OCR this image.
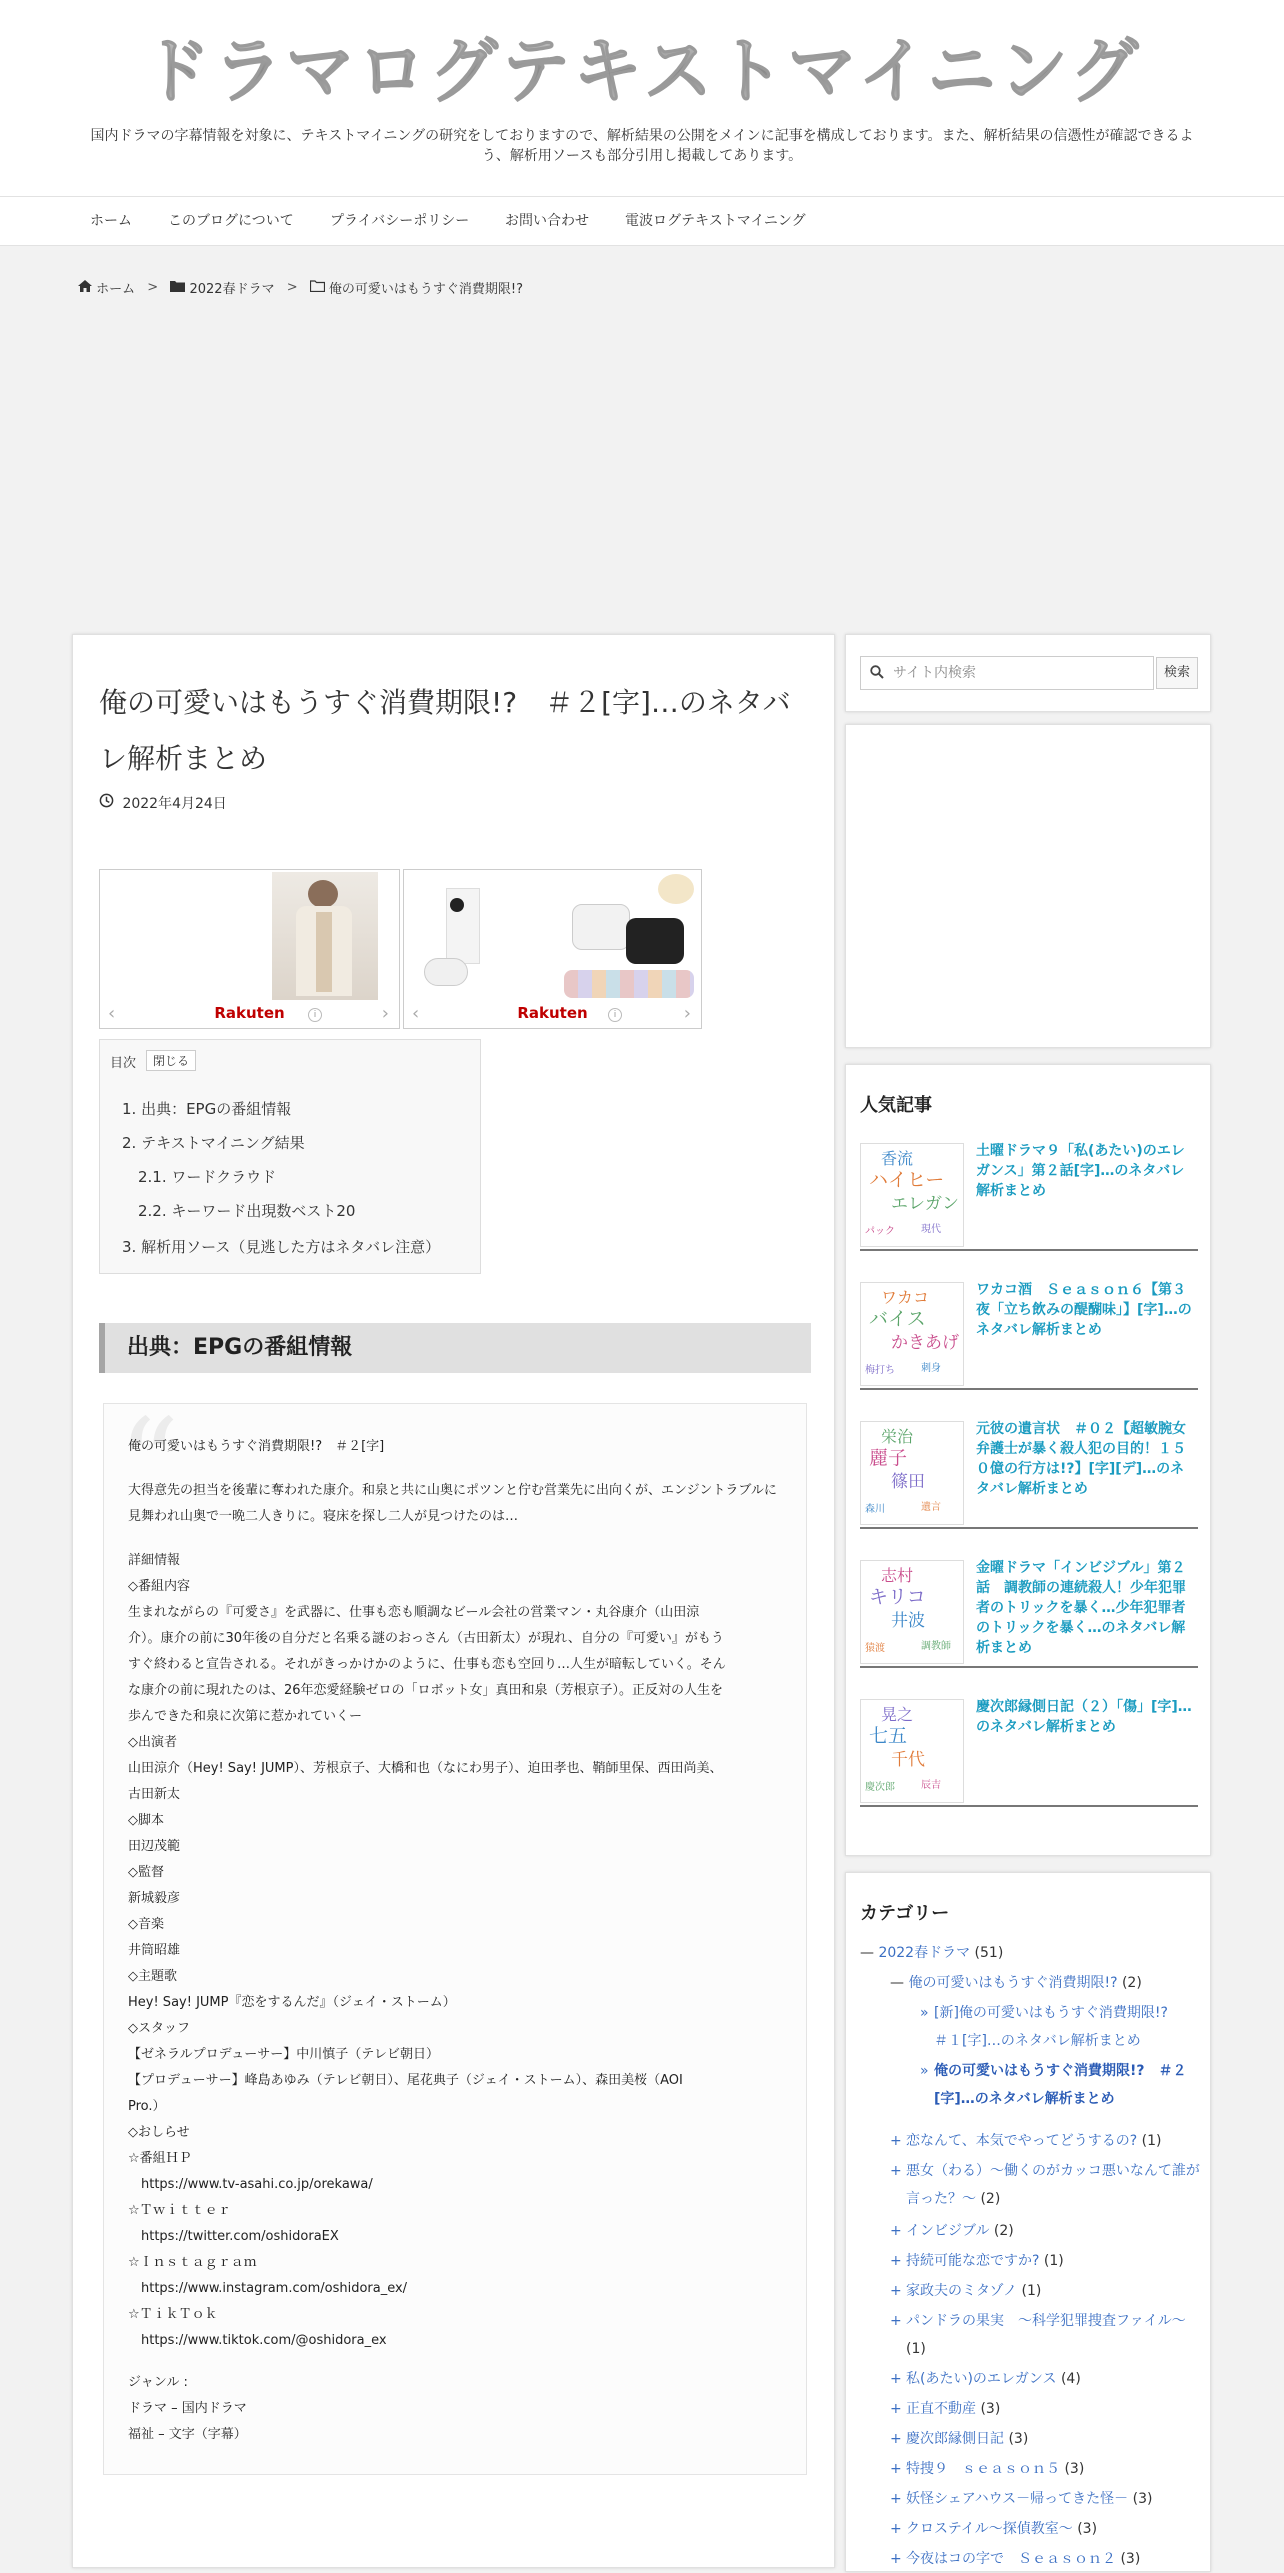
ドラマログテキストマイニング
国内ドラマの字幕情報を対象に、テキストマイニングの研究をしておりますので、解析結果の公開をメインに記事を構成しております。また、解析結果の信憑性が確認できるよう、解析用ソースも部分引用し掲載してあります。
ホーム	このブログについて	プライバシーポリシー	お問い合わせ	電波ログテキストマイニング
ホーム > 2022春ドラマ > 俺の可愛いはもうすぐ消費期限!?
俺の可愛いはもうすぐ消費期限!?　＃２[字]…のネタバ
レ解析まとめ
2022年4月24日
‹	Rakuten	i	› ‹	Rakuten	i	›
目次	閉じる
1. 出典：EPGの番組情報
2. テキストマイニング結果
2.1. ワードクラウド
2.2. キーワード出現数ベスト20
3. 解析用ソース（見逃した方はネタバレ注意）
出典：EPGの番組情報
“
俺の可愛いはもうすぐ消費期限!?　＃２[字]
大得意先の担当を後輩に奪われた康介。和泉と共に山奥にポツンと佇む営業先に出向くが、エンジントラブルに見舞われ山奥で一晩二人きりに。寝床を探し二人が見つけたのは…
詳細情報
◇番組内容
生まれながらの『可愛さ』を武器に、仕事も恋も順調なビール会社の営業マン・丸谷康介（山田涼
介）。康介の前に30年後の自分だと名乗る謎のおっさん（古田新太）が現れ、自分の『可愛い』がもう
すぐ終わると宣告される。それがきっかけかのように、仕事も恋も空回り…人生が暗転していく。そん
な康介の前に現れたのは、26年恋愛経験ゼロの「ロボット女」真田和泉（芳根京子）。正反対の人生を
歩んできた和泉に次第に惹かれていくー
◇出演者
山田涼介（Hey! Say! JUMP）、芳根京子、大橋和也（なにわ男子）、迫田孝也、鞘師里保、西田尚美、
古田新太
◇脚本
田辺茂範
◇監督
新城毅彦
◇音楽
井筒昭雄
◇主題歌
Hey! Say! JUMP『恋をするんだ』（ジェイ・ストーム）
◇スタッフ
【ゼネラルプロデューサー】中川慎子（テレビ朝日）
【プロデューサー】峰島あゆみ（テレビ朝日）、尾花典子（ジェイ・ストーム）、森田美桜（AOI
Pro.）
◇おしらせ
☆番組ＨＰ
　https://www.tv-asahi.co.jp/orekawa/
☆Ｔｗｉｔｔｅｒ
　https://twitter.com/oshidoraEX
☆Ｉｎｓｔａｇｒａｍ
　https://www.instagram.com/oshidora_ex/
☆ＴｉｋＴｏｋ
　https://www.tiktok.com/@oshidora_ex
ジャンル :
ドラマ – 国内ドラマ
福祉 – 文字（字幕）
サイト内検索	検索
人気記事
香流
ハイヒー
エレガン
パック	現代
土曜ドラマ９「私(あたい)のエレガンス」第２話[字]…のネタバレ解析まとめ
ワカコ
バイス
かきあげ
梅打ち	刺身
ワカコ酒　Ｓｅａｓｏｎ６【第３夜「立ち飲みの醍醐味」】[字]…のネタバレ解析まとめ
栄治
麗子
篠田
森川	遺言
元彼の遺言状　＃０２【超敏腕女弁護士が暴く殺人犯の目的！１５０億の行方は!?】[字][デ]…のネタバレ解析まとめ
志村
キリコ
井波
猿渡	調教師
金曜ドラマ「インビジブル」第２話　調教師の連続殺人！少年犯罪者のトリックを暴く…少年犯罪者のトリックを暴く…のネタバレ解析まとめ
晃之
七五
千代
慶次郎	辰吉
慶次郎縁側日記（２）「傷」[字]…のネタバレ解析まとめ
カテゴリー
— 2022春ドラマ (51)
— 俺の可愛いはもうすぐ消費期限!? (2)
» [新]俺の可愛いはもうすぐ消費期限!?　＃１[字]…のネタバレ解析まとめ
» 俺の可愛いはもうすぐ消費期限!?　＃２[字]…のネタバレ解析まとめ
+ 恋なんて、本気でやってどうするの? (1)
+ 悪女（わる）～働くのがカッコ悪いなんて誰が言った？～ (2)
+ インビジブル (2)
+ 持続可能な恋ですか? (1)
+ 家政夫のミタゾノ (1)
+ パンドラの果実　～科学犯罪捜査ファイル～ (1)
+ 私(あたい)のエレガンス (4)
+ 正直不動産 (3)
+ 慶次郎縁側日記 (3)
+ 特捜９　ｓｅａｓｏｎ５ (3)
+ 妖怪シェアハウス－帰ってきた怪－ (3)
+ クロステイル～探偵教室～ (3)
+ 今夜はコの字で　Ｓｅａｓｏｎ２ (3)
